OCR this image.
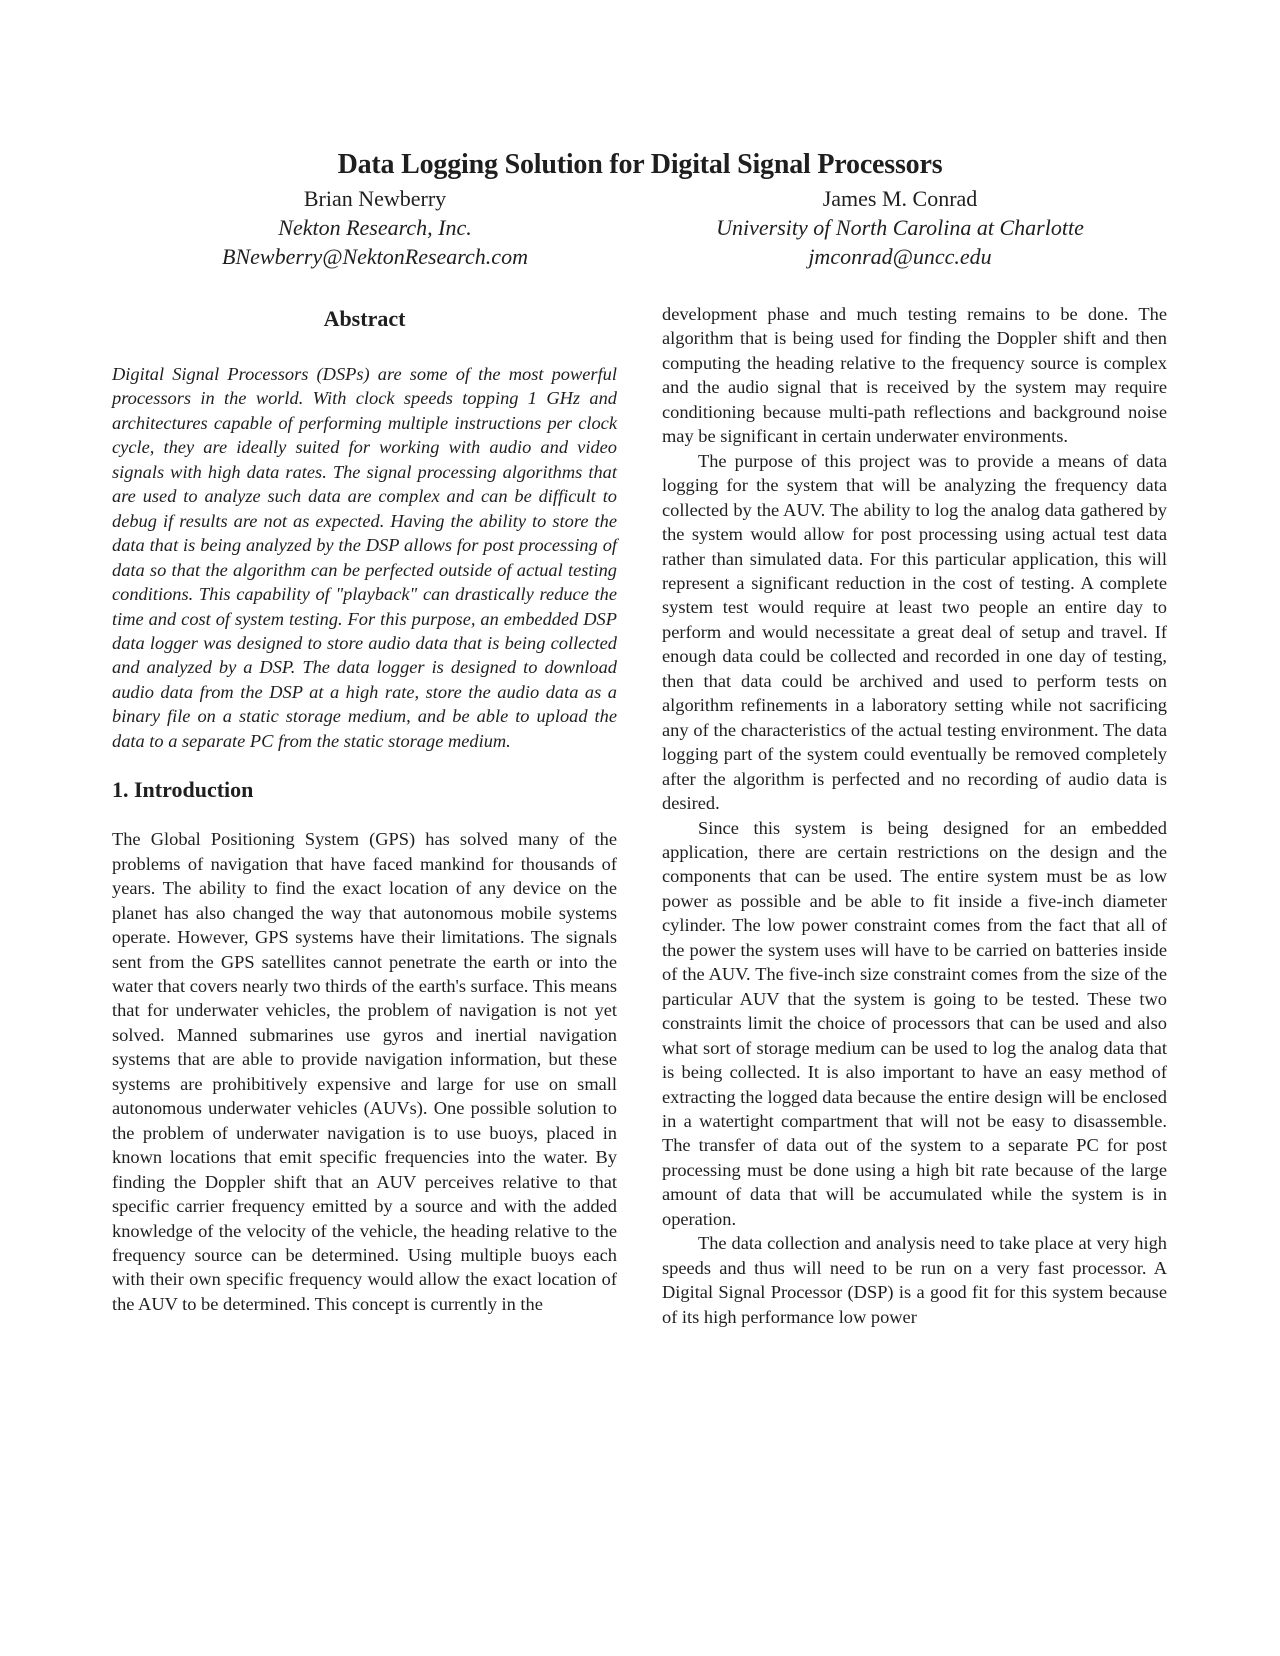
Data Logging Solution for Digital Signal Processors
Brian Newberry
Nekton Research, Inc.
BNewberry@NektonResearch.com
James M. Conrad
University of North Carolina at Charlotte
jmconrad@uncc.edu
Abstract

Digital Signal Processors (DSPs) are some of the most powerful processors in the world. With clock speeds topping 1 GHz and architectures capable of performing multiple instructions per clock cycle, they are ideally suited for working with audio and video signals with high data rates. The signal processing algorithms that are used to analyze such data are complex and can be difficult to debug if results are not as expected. Having the ability to store the data that is being analyzed by the DSP allows for post processing of data so that the algorithm can be perfected outside of actual testing conditions. This capability of "playback" can drastically reduce the time and cost of system testing. For this purpose, an embedded DSP data logger was designed to store audio data that is being collected and analyzed by a DSP. The data logger is designed to download audio data from the DSP at a high rate, store the audio data as a binary file on a static storage medium, and be able to upload the data to a separate PC from the static storage medium.

1. Introduction

The Global Positioning System (GPS) has solved many of the problems of navigation that have faced mankind for thousands of years. The ability to find the exact location of any device on the planet has also changed the way that autonomous mobile systems operate. However, GPS systems have their limitations. The signals sent from the GPS satellites cannot penetrate the earth or into the water that covers nearly two thirds of the earth's surface. This means that for underwater vehicles, the problem of navigation is not yet solved. Manned submarines use gyros and inertial navigation systems that are able to provide navigation information, but these systems are prohibitively expensive and large for use on small autonomous underwater vehicles (AUVs). One possible solution to the problem of underwater navigation is to use buoys, placed in known locations that emit specific frequencies into the water. By finding the Doppler shift that an AUV perceives relative to that specific carrier frequency emitted by a source and with the added knowledge of the velocity of the vehicle, the heading relative to the frequency source can be determined. Using multiple buoys each with their own specific frequency would allow the exact location of the AUV to be determined. This concept is currently in the

development phase and much testing remains to be done. The algorithm that is being used for finding the Doppler shift and then computing the heading relative to the frequency source is complex and the audio signal that is received by the system may require conditioning because multi-path reflections and background noise may be significant in certain underwater environments.

The purpose of this project was to provide a means of data logging for the system that will be analyzing the frequency data collected by the AUV. The ability to log the analog data gathered by the system would allow for post processing using actual test data rather than simulated data. For this particular application, this will represent a significant reduction in the cost of testing. A complete system test would require at least two people an entire day to perform and would necessitate a great deal of setup and travel. If enough data could be collected and recorded in one day of testing, then that data could be archived and used to perform tests on algorithm refinements in a laboratory setting while not sacrificing any of the characteristics of the actual testing environment. The data logging part of the system could eventually be removed completely after the algorithm is perfected and no recording of audio data is desired.

Since this system is being designed for an embedded application, there are certain restrictions on the design and the components that can be used. The entire system must be as low power as possible and be able to fit inside a five-inch diameter cylinder. The low power constraint comes from the fact that all of the power the system uses will have to be carried on batteries inside of the AUV. The five-inch size constraint comes from the size of the particular AUV that the system is going to be tested. These two constraints limit the choice of processors that can be used and also what sort of storage medium can be used to log the analog data that is being collected. It is also important to have an easy method of extracting the logged data because the entire design will be enclosed in a watertight compartment that will not be easy to disassemble. The transfer of data out of the system to a separate PC for post processing must be done using a high bit rate because of the large amount of data that will be accumulated while the system is in operation.

The data collection and analysis need to take place at very high speeds and thus will need to be run on a very fast processor. A Digital Signal Processor (DSP) is a good fit for this system because of its high performance low power
